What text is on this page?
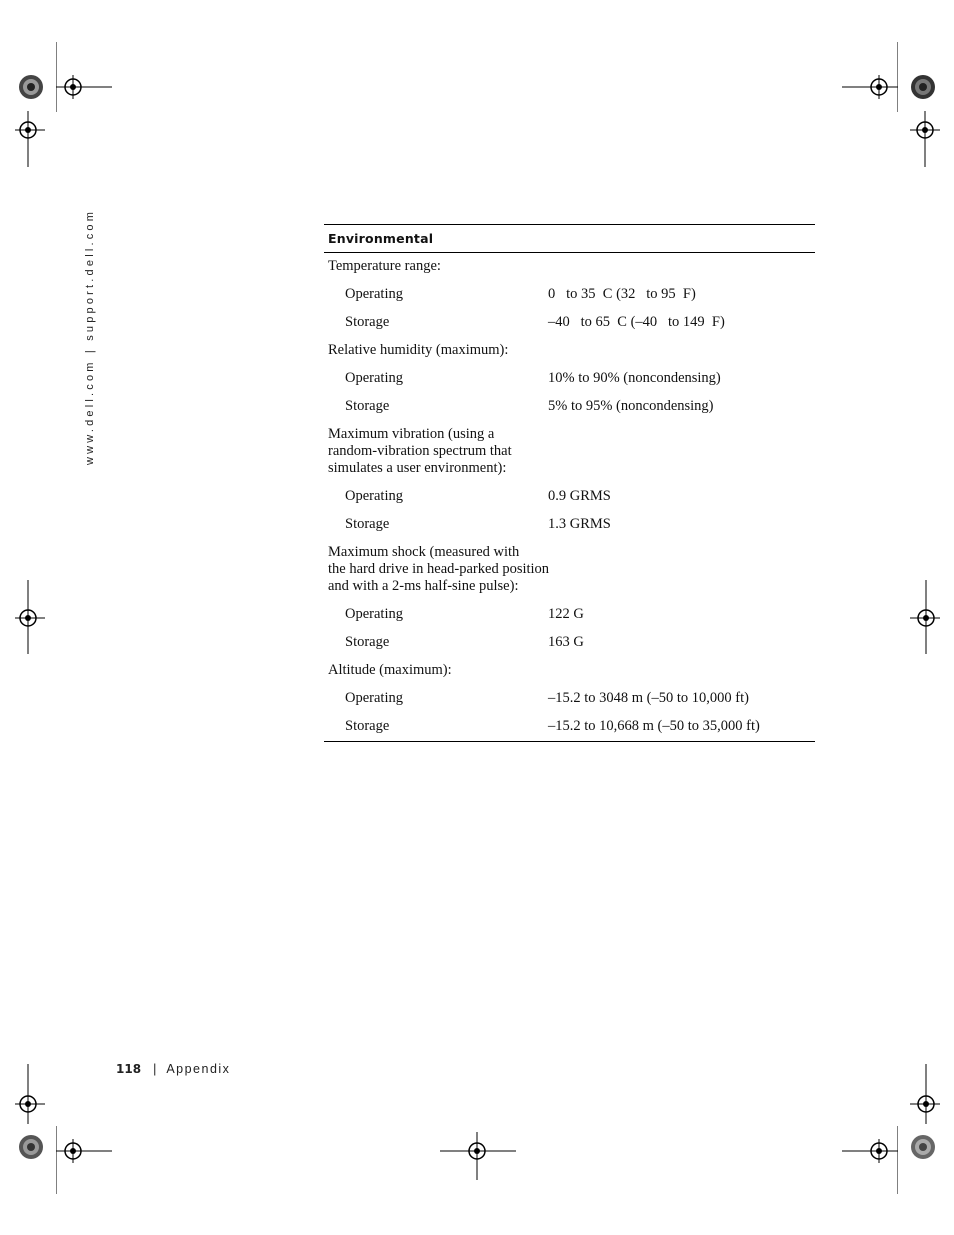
www.dell.com | support.dell.com	Environmental
Temperature range:
Operating	0   to 35  C (32   to 95  F)
Storage	–40   to 65  C (–40   to 149  F)
Relative humidity (maximum):
Operating	10% to 90% (noncondensing)
Storage	5% to 95% (noncondensing)
Maximum vibration (using a
random-vibration spectrum that
simulates a user environment):
Operating	0.9 GRMS
Storage	1.3 GRMS
Maximum shock (measured with
the hard drive in head-parked position
and with a 2-ms half-sine pulse):
Operating	122 G
Storage	163 G
Altitude (maximum):
Operating	–15.2 to 3048 m (–50 to 10,000 ft)
Storage	–15.2 to 10,668 m (–50 to 35,000 ft)
118 | Appendix
